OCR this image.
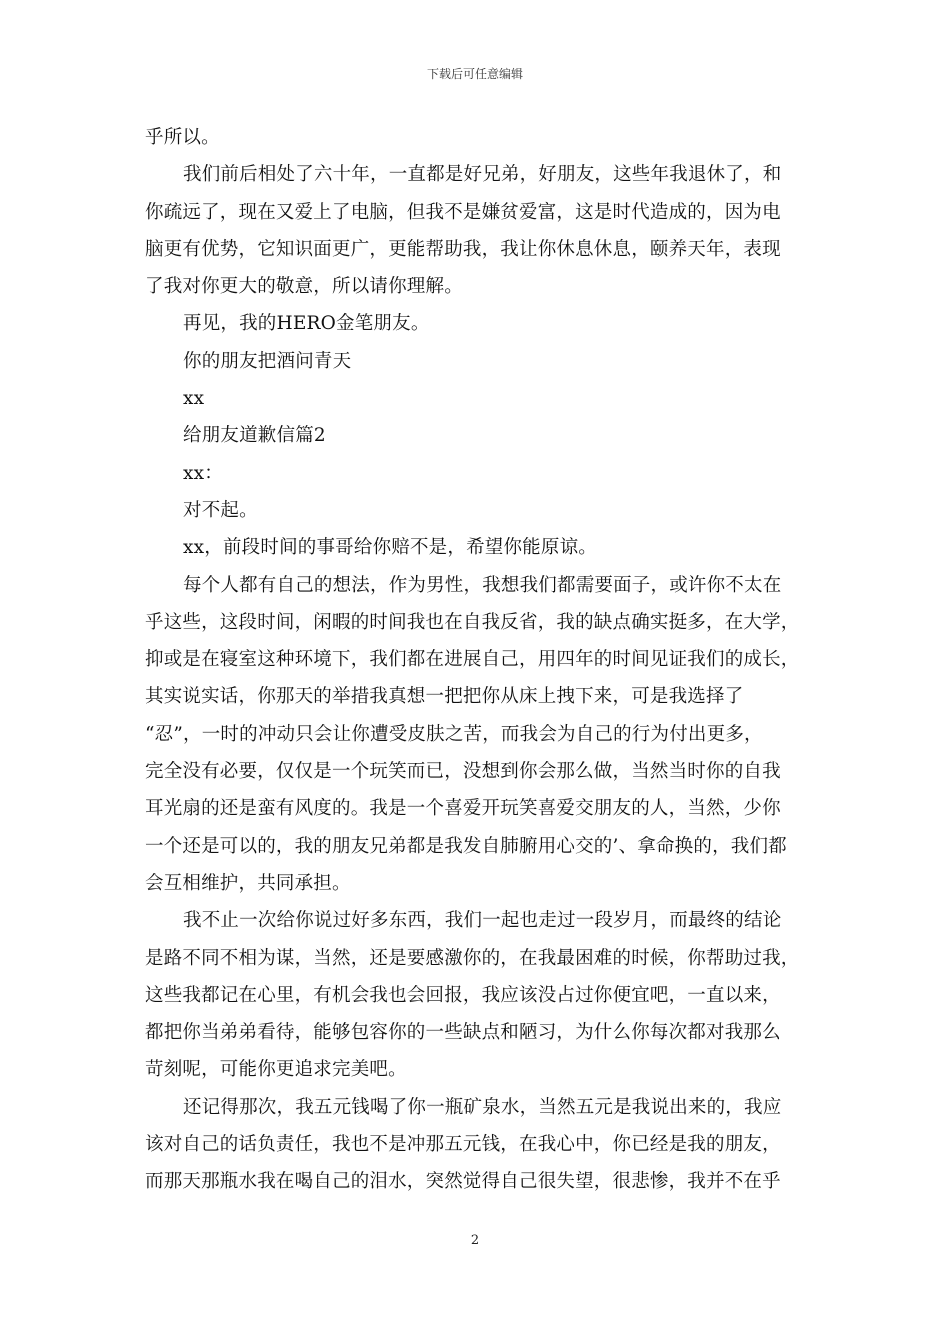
下载后可任意编辑
乎所以。
我们前后相处了六十年，一直都是好兄弟，好朋友，这些年我退休了，和
你疏远了，现在又爱上了电脑，但我不是嫌贫爱富，这是时代造成的，因为电
脑更有优势，它知识面更广，更能帮助我，我让你休息休息，颐养天年，表现
了我对你更大的敬意，所以请你理解。
再见，我的HERO金笔朋友。
你的朋友把酒问青天
xx
给朋友道歉信篇2
xx：
对不起。
xx，前段时间的事哥给你赔不是，希望你能原谅。
每个人都有自己的想法，作为男性，我想我们都需要面子，或许你不太在
乎这些，这段时间，闲暇的时间我也在自我反省，我的缺点确实挺多，在大学，
抑或是在寝室这种环境下，我们都在进展自己，用四年的时间见证我们的成长，
其实说实话，你那天的举措我真想一把把你从床上拽下来，可是我选择了
“忍”，一时的冲动只会让你遭受皮肤之苦，而我会为自己的行为付出更多，
完全没有必要，仅仅是一个玩笑而已，没想到你会那么做，当然当时你的自我
耳光扇的还是蛮有风度的。我是一个喜爱开玩笑喜爱交朋友的人，当然，少你
一个还是可以的，我的朋友兄弟都是我发自肺腑用心交的’、拿命换的，我们都
会互相维护，共同承担。
我不止一次给你说过好多东西，我们一起也走过一段岁月，而最终的结论
是路不同不相为谋，当然，还是要感激你的，在我最困难的时候，你帮助过我，
这些我都记在心里，有机会我也会回报，我应该没占过你便宜吧，一直以来，
都把你当弟弟看待，能够包容你的一些缺点和陋习，为什么你每次都对我那么
苛刻呢，可能你更追求完美吧。
还记得那次，我五元钱喝了你一瓶矿泉水，当然五元是我说出来的，我应
该对自己的话负责任，我也不是冲那五元钱，在我心中，你已经是我的朋友，
而那天那瓶水我在喝自己的泪水，突然觉得自己很失望，很悲惨，我并不在乎
2
